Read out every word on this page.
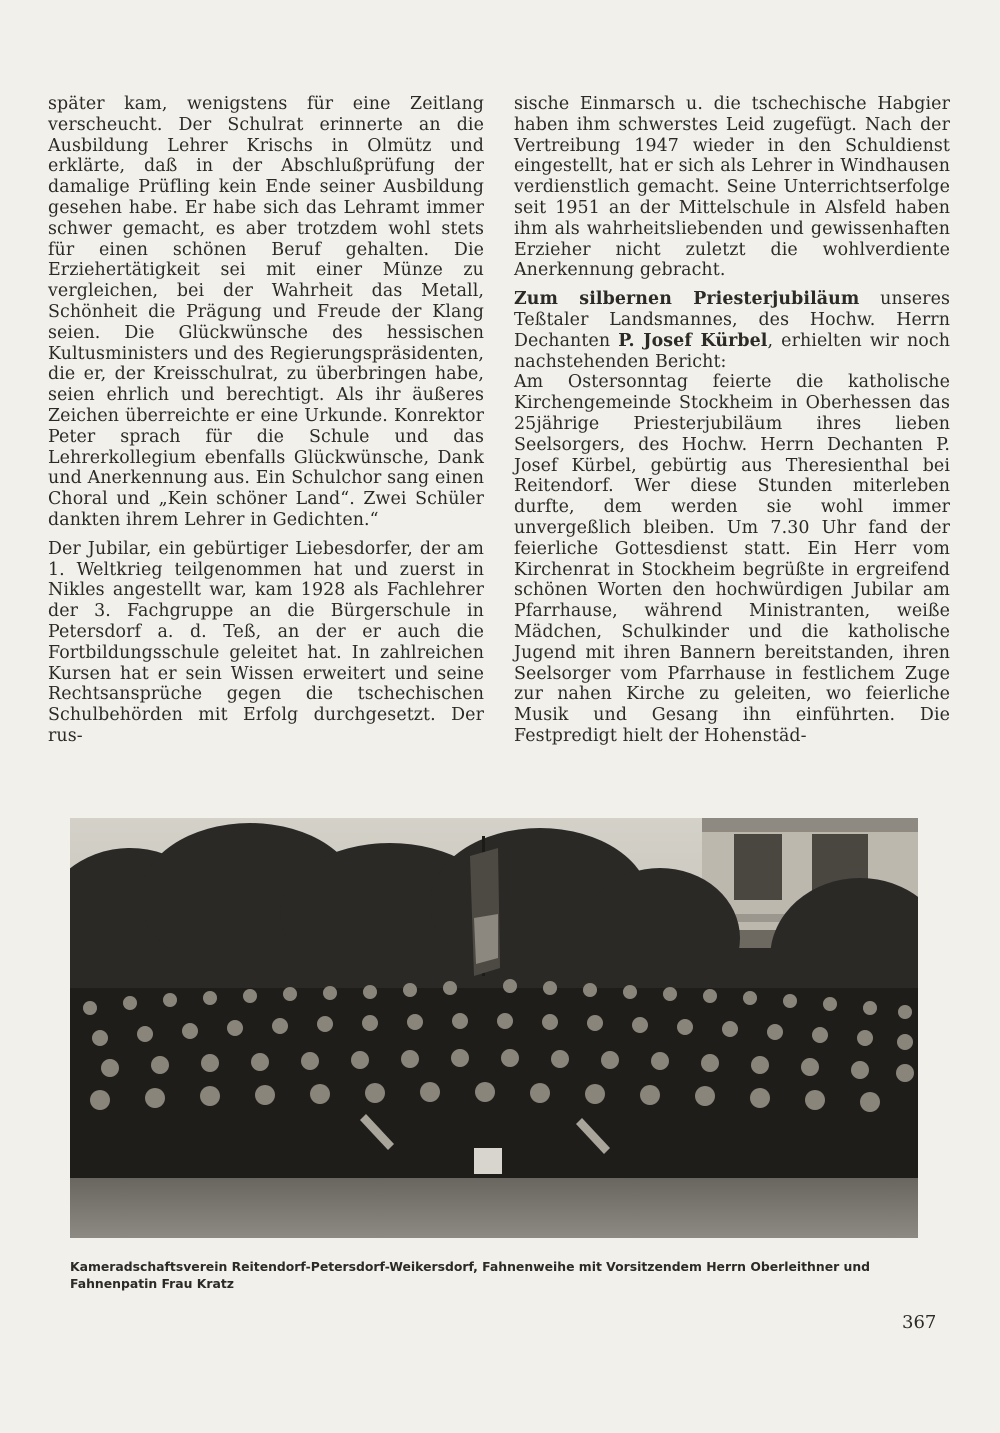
später kam, wenigstens für eine Zeitlang verscheucht. Der Schulrat erinnerte an die Ausbildung Lehrer Krischs in Olmütz und erklärte, daß in der Abschlußprüfung der damalige Prüfling kein Ende seiner Ausbildung gesehen habe. Er habe sich das Lehramt immer schwer gemacht, es aber trotzdem wohl stets für einen schönen Beruf gehalten. Die Erziehertätigkeit sei mit einer Münze zu vergleichen, bei der Wahrheit das Metall, Schönheit die Prägung und Freude der Klang seien. Die Glückwünsche des hessischen Kultusministers und des Regierungspräsidenten, die er, der Kreisschulrat, zu überbringen habe, seien ehrlich und berechtigt. Als ihr äußeres Zeichen überreichte er eine Urkunde. Konrektor Peter sprach für die Schule und das Lehrerkollegium ebenfalls Glückwünsche, Dank und Anerkennung aus. Ein Schulchor sang einen Choral und „Kein schöner Land“. Zwei Schüler dankten ihrem Lehrer in Gedichten.“

Der Jubilar, ein gebürtiger Liebesdorfer, der am 1. Weltkrieg teilgenommen hat und zuerst in Nikles angestellt war, kam 1928 als Fachlehrer der 3. Fachgruppe an die Bürgerschule in Petersdorf a. d. Teß, an der er auch die Fortbildungsschule geleitet hat. In zahlreichen Kursen hat er sein Wissen erweitert und seine Rechtsansprüche gegen die tschechischen Schulbehörden mit Erfolg durchgesetzt. Der rus-

sische Einmarsch u. die tschechische Habgier haben ihm schwerstes Leid zugefügt. Nach der Vertreibung 1947 wieder in den Schuldienst eingestellt, hat er sich als Lehrer in Windhausen verdienstlich gemacht. Seine Unterrichtserfolge seit 1951 an der Mittelschule in Alsfeld haben ihm als wahrheitsliebenden und gewissenhaften Erzieher nicht zuletzt die wohlverdiente Anerkennung gebracht.

Zum silbernen Priesterjubiläum unseres Teßtaler Landsmannes, des Hochw. Herrn Dechanten P. Josef Kürbel, erhielten wir noch nachstehenden Bericht:

Am Ostersonntag feierte die katholische Kirchengemeinde Stockheim in Oberhessen das 25jährige Priesterjubiläum ihres lieben Seelsorgers, des Hochw. Herrn Dechanten P. Josef Kürbel, gebürtig aus Theresienthal bei Reitendorf. Wer diese Stunden miterleben durfte, dem werden sie wohl immer unvergeßlich bleiben. Um 7.30 Uhr fand der feierliche Gottesdienst statt. Ein Herr vom Kirchenrat in Stockheim begrüßte in ergreifend schönen Worten den hochwürdigen Jubilar am Pfarrhause, während Ministranten, weiße Mädchen, Schulkinder und die katholische Jugend mit ihren Bannern bereitstanden, ihren Seelsorger vom Pfarrhause in festlichem Zuge zur nahen Kirche zu geleiten, wo feierliche Musik und Gesang ihn einführten. Die Festpredigt hielt der Hohenstäd-

Kameradschaftsverein Reitendorf-Petersdorf-Weikersdorf, Fahnenweihe mit Vorsitzendem Herrn Oberleithner und Fahnenpatin Frau Kratz
367
